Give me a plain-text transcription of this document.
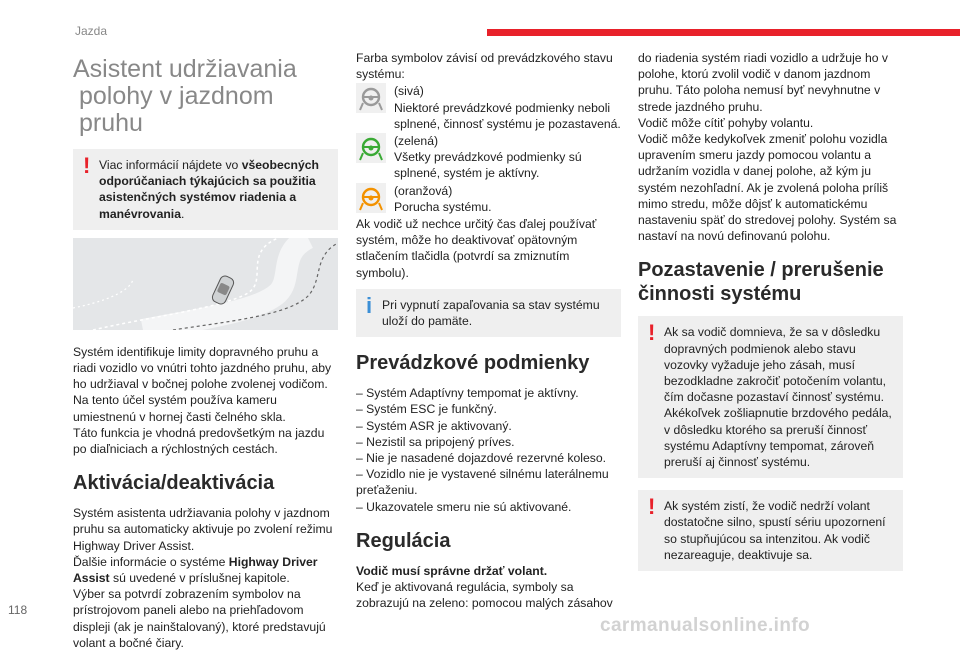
Jazda
Asistent udržiavania
polohy v jazdnom pruhu
! Viac informácií nájdete vo všeobecných odporúčaniach týkajúcich sa použitia asistenčných systémov riadenia a manévrovania.

Systém identifikuje limity dopravného pruhu a

riadi vozidlo vo vnútri tohto jazdného pruhu, aby

ho udržiaval v bočnej polohe zvolenej vodičom.

Na tento účel systém používa kameru

umiestnenú v hornej časti čelného skla.

Táto funkcia je vhodná predovšetkým na jazdu

po diaľniciach a rýchlostných cestách.

Aktivácia/deaktivácia

Systém asistenta udržiavania polohy v jazdnom pruhu sa automaticky aktivuje po zvolení režimu Highway Driver Assist.

Ďalšie informácie o systéme Highway Driver Assist sú uvedené v príslušnej kapitole.

Výber sa potvrdí zobrazením symbolov na prístrojovom paneli alebo na priehľadovom displeji (ak je nainštalovaný), ktoré predstavujú volant a bočné čiary.

Farba symbolov závisí od prevádzkového stavu systému:

(sivá)

Niektoré prevádzkové podmienky neboli splnené, činnosť systému je pozastavená.

(zelená)

Všetky prevádzkové podmienky sú splnené, systém je aktívny.

(oranžová)

Porucha systému.

Ak vodič už nechce určitý čas ďalej používať systém, môže ho deaktivovať opätovným stlačením tlačidla (potvrdí sa zmiznutím symbolu).

i Pri vypnutí zapaľovania sa stav systému uloží do pamäte.

Prevádzkové podmienky

– Systém Adaptívny tempomat je aktívny.

– Systém ESC je funkčný.

– Systém ASR je aktivovaný.

– Nezistil sa pripojený príves.

– Nie je nasadené dojazdové rezervné koleso.

– Vozidlo nie je vystavené silnému laterálnemu preťaženiu.

– Ukazovatele smeru nie sú aktivované.

Regulácia

Vodič musí správne držať volant.

Keď je aktivovaná regulácia, symboly sa zobrazujú na zeleno: pomocou malých zásahov

do riadenia systém riadi vozidlo a udržuje ho v polohe, ktorú zvolil vodič v danom jazdnom pruhu. Táto poloha nemusí byť nevyhnutne v strede jazdného pruhu.

Vodič môže cítiť pohyby volantu.

Vodič môže kedykoľvek zmeniť polohu vozidla upravením smeru jazdy pomocou volantu a udržaním vozidla v danej polohe, až kým ju systém nezohľadní. Ak je zvolená poloha príliš mimo stredu, môže dôjsť k automatickému nastaveniu späť do stredovej polohy. Systém sa nastaví na novú definovanú polohu.

Pozastavenie / prerušenie
činnosti systému
! Ak sa vodič domnieva, že sa v dôsledku dopravných podmienok alebo stavu vozovky vyžaduje jeho zásah, musí bezodkladne zakročiť potočením volantu, čím dočasne pozastaví činnosť systému.

Akékoľvek zošliapnutie brzdového pedála, v dôsledku ktorého sa preruší činnosť systému Adaptívny tempomat, zároveň preruší aj činnosť systému.

! Ak systém zistí, že vodič nedrží volant dostatočne silno, spustí sériu upozornení so stupňujúcou sa intenzitou. Ak vodič nezareaguje, deaktivuje sa.

118
carmanualsonline.info
